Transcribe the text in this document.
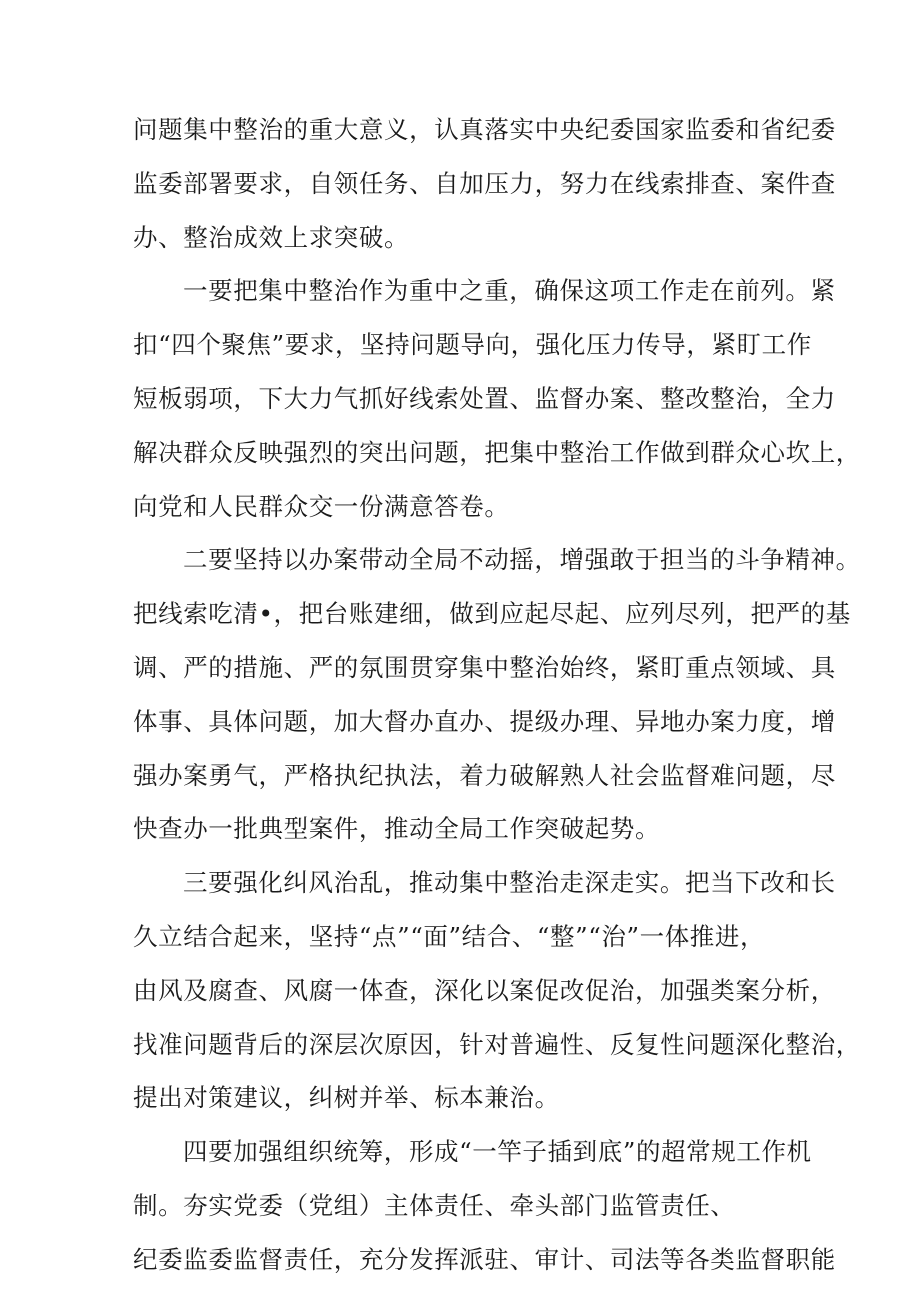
问题集中整治的重大意义，认真落实中央纪委国家监委和省纪委
监委部署要求，自领任务、自加压力，努力在线索排查、案件查
办、整治成效上求突破。
一要把集中整治作为重中之重，确保这项工作走在前列。紧
扣“四个聚焦”要求，坚持问题导向，强化压力传导，紧盯工作
短板弱项，下大力气抓好线索处置、监督办案、整改整治，全力
解决群众反映强烈的突出问题，把集中整治工作做到群众心坎上，
向党和人民群众交一份满意答卷。
二要坚持以办案带动全局不动摇，增强敢于担当的斗争精神。
把线索吃清•，把台账建细，做到应起尽起、应列尽列，把严的基
调、严的措施、严的氛围贯穿集中整治始终，紧盯重点领域、具
体事、具体问题，加大督办直办、提级办理、异地办案力度，增
强办案勇气，严格执纪执法，着力破解熟人社会监督难问题，尽
快查办一批典型案件，推动全局工作突破起势。
三要强化纠风治乱，推动集中整治走深走实。把当下改和长
久立结合起来，坚持“点”“面”结合、“整”“治”一体推进，
由风及腐查、风腐一体查，深化以案促改促治，加强类案分析，
找准问题背后的深层次原因，针对普遍性、反复性问题深化整治，
提出对策建议，纠树并举、标本兼治。
四要加强组织统筹，形成“一竿子插到底”的超常规工作机
制。夯实党委（党组）主体责任、牵头部门监管责任、
纪委监委监督责任，充分发挥派驻、审计、司法等各类监督职能
